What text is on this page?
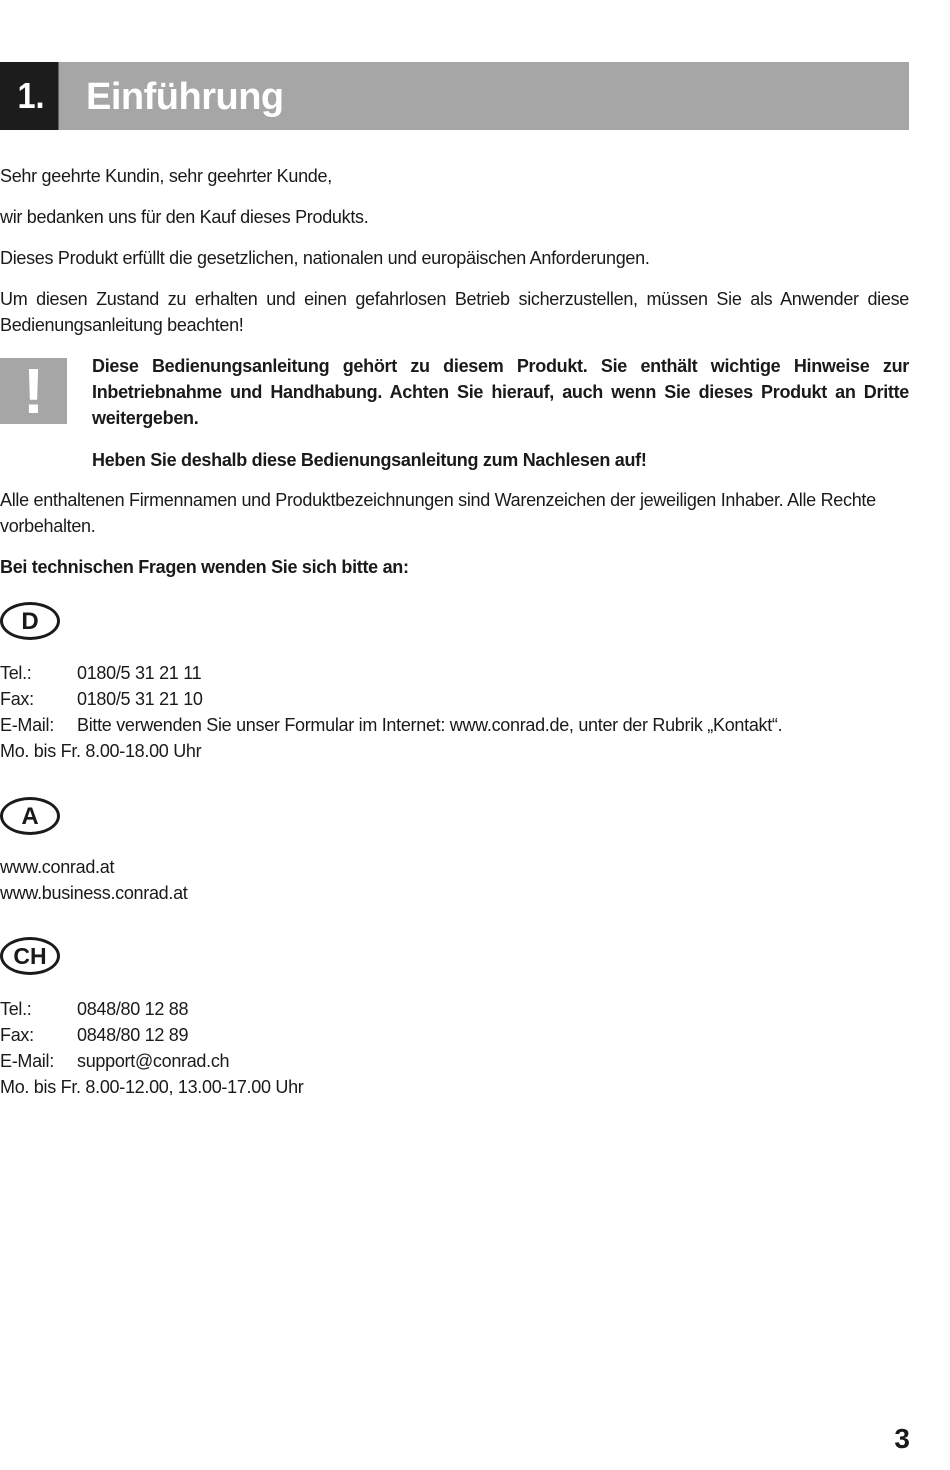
1.	Einführung
Sehr geehrte Kundin, sehr geehrter Kunde,
wir bedanken uns für den Kauf dieses Produkts.
Dieses Produkt erfüllt die gesetzlichen, nationalen und europäischen Anforderungen.
Um diesen Zustand zu erhalten und einen gefahrlosen Betrieb sicherzustellen, müssen Sie als Anwender diese Bedienungsanleitung beachten!
!	Diese Bedienungsanleitung gehört zu diesem Produkt. Sie enthält wichtige Hinweise zur Inbetriebnahme und Handhabung. Achten Sie hierauf, auch wenn Sie dieses Produkt an Dritte weitergeben.
Heben Sie deshalb diese Bedienungsanleitung zum Nachlesen auf!
Alle enthaltenen Firmennamen und Produktbezeichnungen sind Warenzeichen der jeweiligen Inhaber. Alle Rechte vorbehalten.
Bei technischen Fragen wenden Sie sich bitte an:
D
Tel.:	0180/5 31 21 11
Fax: 0180/5 31 21 10
E-Mail: Bitte verwenden Sie unser Formular im Internet: www.conrad.de, unter der Rubrik „Kontakt“.
Mo. bis Fr. 8.00-18.00 Uhr
A
www.conrad.at
www.business.conrad.at
CH
Tel.:	0848/80 12 88
Fax: 0848/80 12 89
E-Mail: support@conrad.ch
Mo. bis Fr. 8.00-12.00, 13.00-17.00 Uhr
3
